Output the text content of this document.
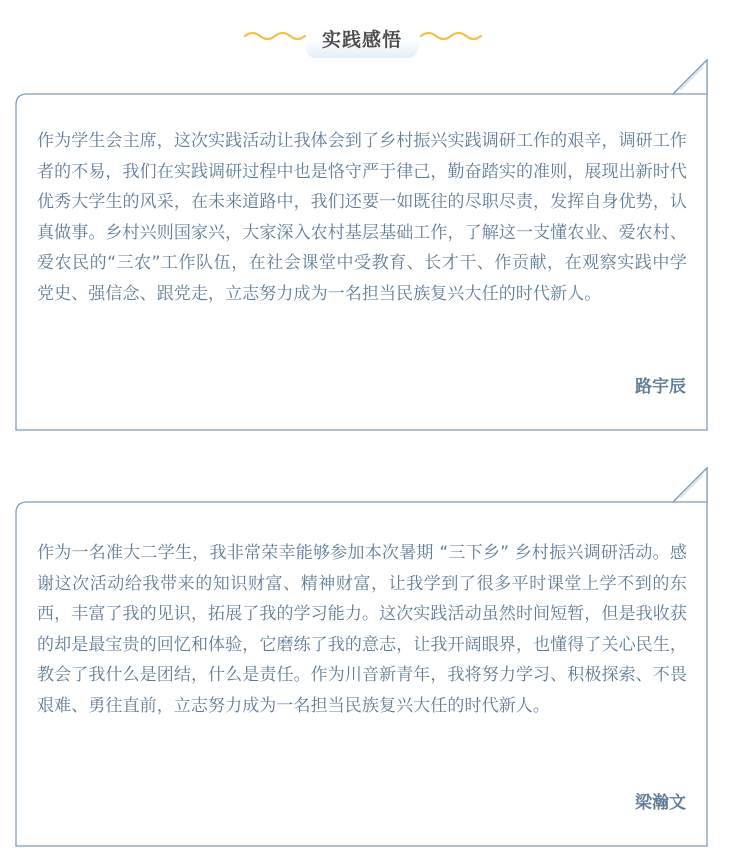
实践感悟
作为学生会主席，这次实践活动让我体会到了乡村振兴实践调研工作的艰辛，调研工作者的不易，我们在实践调研过程中也是恪守严于律己，勤奋踏实的准则，展现出新时代优秀大学生的风采，在未来道路中，我们还要一如既往的尽职尽责，发挥自身优势，认真做事。乡村兴则国家兴，大家深入农村基层基础工作，了解这一支懂农业、爱农村、爱农民的“三农”工作队伍，在社会课堂中受教育、长才干、作贡献，在观察实践中学党史、强信念、跟党走，立志努力成为一名担当民族复兴大任的时代新人。
路宇辰
作为一名准大二学生，我非常荣幸能够参加本次暑期 “三下乡” 乡村振兴调研活动。感谢这次活动给我带来的知识财富、精神财富，让我学到了很多平时课堂上学不到的东西，丰富了我的见识，拓展了我的学习能力。这次实践活动虽然时间短暂，但是我收获的却是最宝贵的回忆和体验，它磨练了我的意志，让我开阔眼界，也懂得了关心民生，教会了我什么是团结，什么是责任。作为川音新青年，我将努力学习、积极探索、不畏艰难、勇往直前，立志努力成为一名担当民族复兴大任的时代新人。
梁瀚文
